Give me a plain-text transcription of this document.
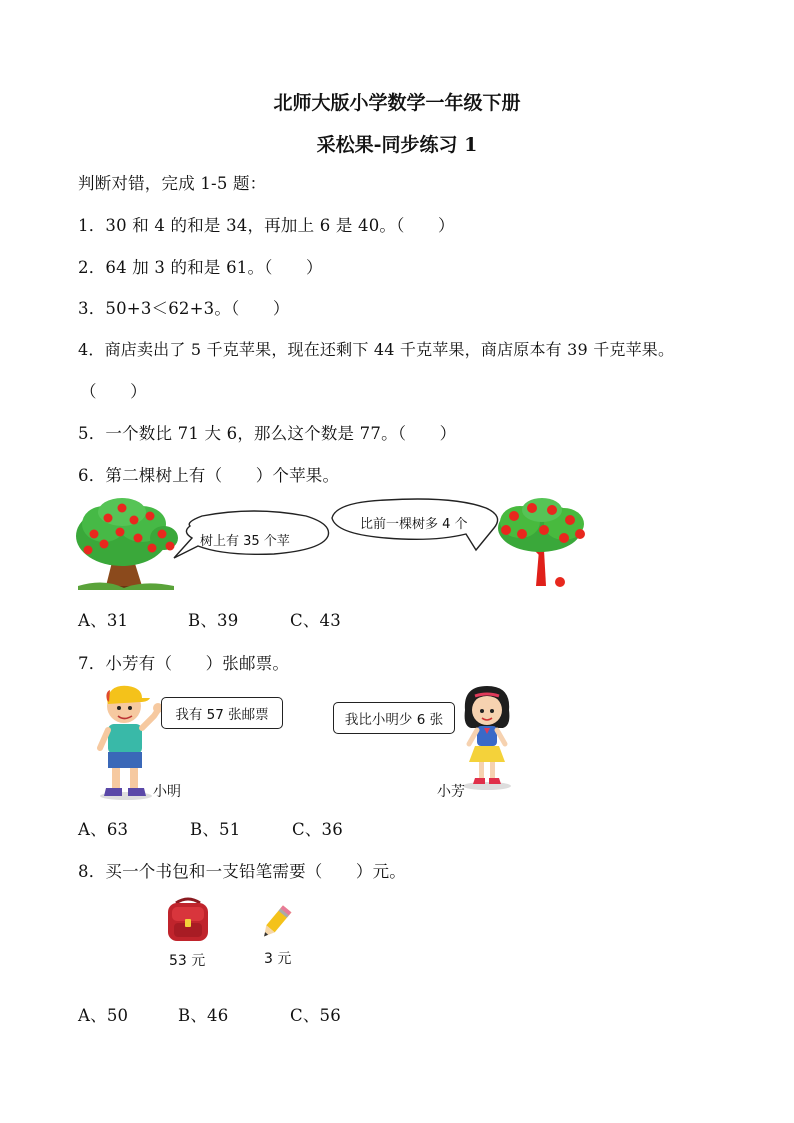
北师大版小学数学一年级下册
采松果-同步练习 1
判断对错，完成 1-5 题：
1．30 和 4 的和是 34，再加上 6 是 40。（　　）
2．64 加 3 的和是 61。（　　）
3．50+3＜62+3。（　　）
4．商店卖出了 5 千克苹果，现在还剩下 44 千克苹果，商店原本有 39 千克苹果。
（　　）
5．一个数比 71 大 6，那么这个数是 77。（　　）
6．第二棵树上有（　　）个苹果。
树上有 35 个苹
比前一棵树多 4 个
A、31	B、39	C、43
7．小芳有（　　）张邮票。
小明
我有 57 张邮票	我比小明少 6 张
小芳
A、63	B、51	C、36
8．买一个书包和一支铅笔需要（　　）元。
53 元	3 元
A、50	B、46	C、56
